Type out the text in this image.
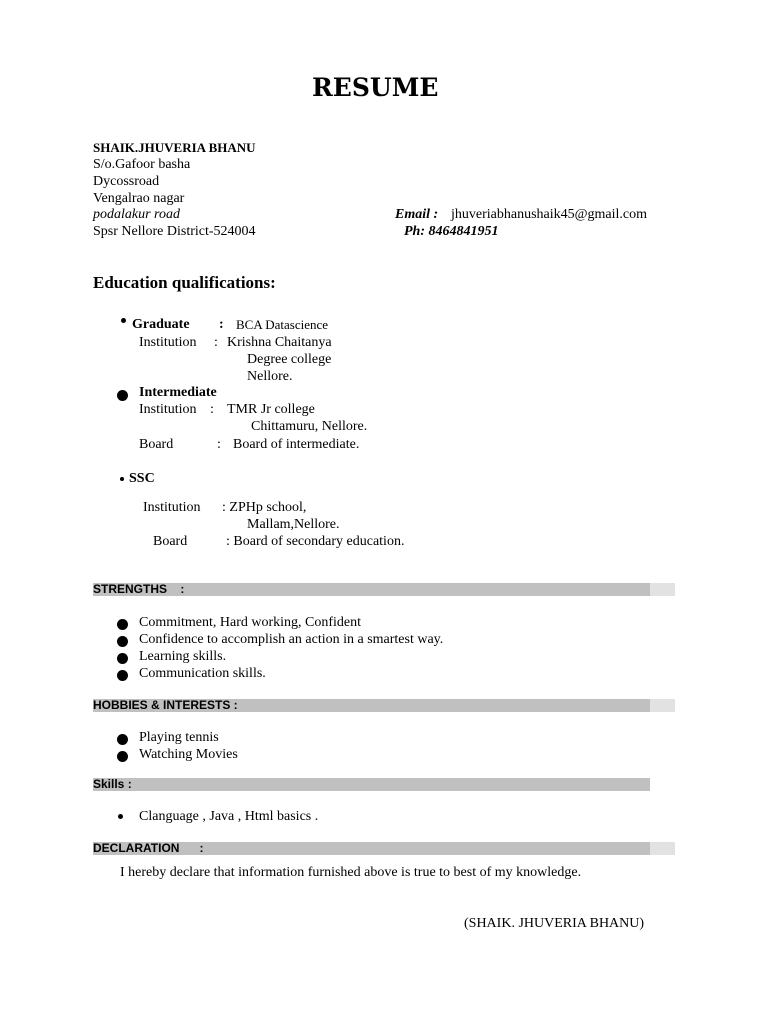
RESUME
SHAIK.JHUVERIA BHANU
S/o.Gafoor basha
Dycossroad
Vengalrao nagar
podalakur road
Spsr Nellore District-524004
Email : jhuveriabhanushaik45@gmail.com
Ph: 8464841951
Education qualifications:
Graduate : BCA Datascience
Institution : Krishna Chaitanya
Degree college
Nellore.
Intermediate
Institution : TMR Jr college
Chittamuru, Nellore.
Board	: Board of intermediate.
SSC
Institution : ZPHp school,
Mallam,Nellore.
Board	: Board of secondary education.
STRENGTHS    :
Commitment, Hard working, Confident
Confidence to accomplish an action in a smartest way.
Learning skills.
Communication skills.
HOBBIES & INTERESTS :
Playing tennis
Watching Movies
Skills :
Clanguage , Java , Html basics .
DECLARATION      :
I hereby declare that information furnished above is true to best of my knowledge.
(SHAIK. JHUVERIA BHANU)
